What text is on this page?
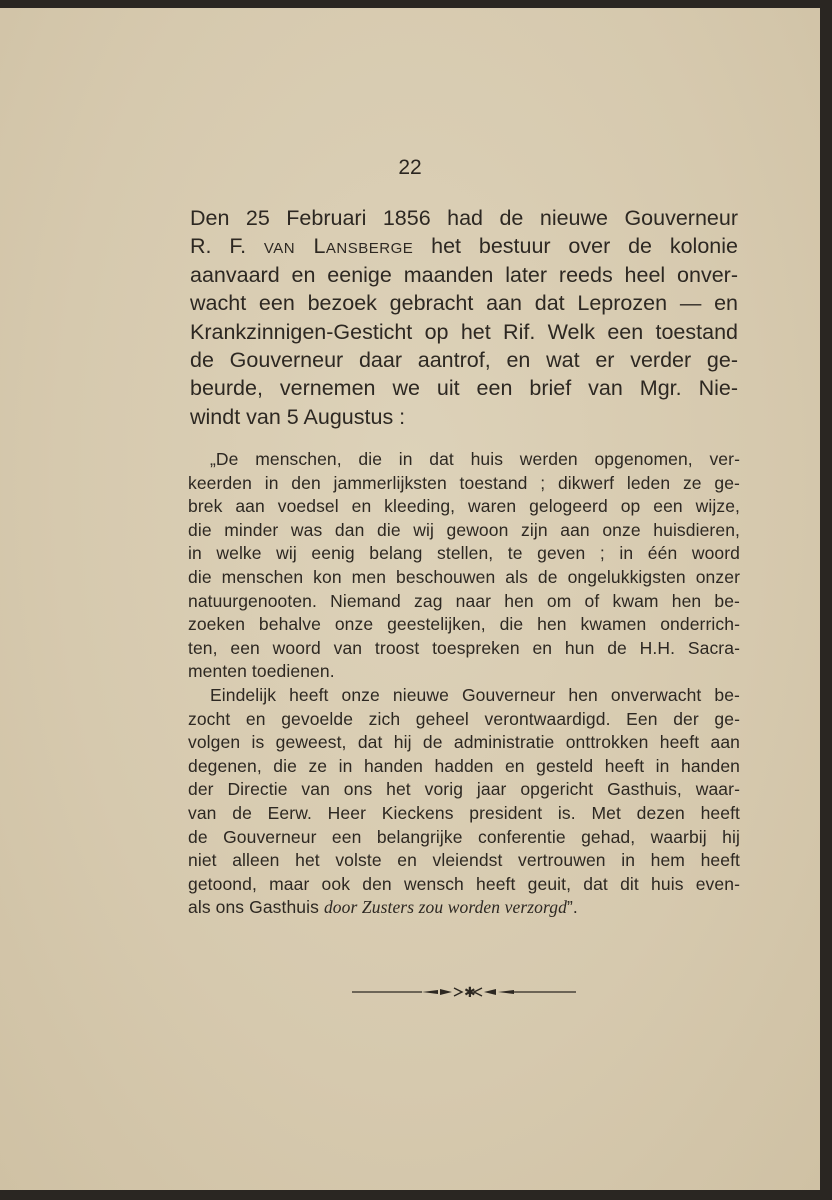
22
Den 25 Februari 1856 had de nieuwe Gouverneur
R. F. van Lansberge het bestuur over de kolonie
aanvaard en eenige maanden later reeds heel onver-
wacht een bezoek gebracht aan dat Leprozen — en
Krankzinnigen-Gesticht op het Rif. Welk een toestand
de Gouverneur daar aantrof, en wat er verder ge-
beurde, vernemen we uit een brief van Mgr. Nie-
windt van 5 Augustus :
„De menschen, die in dat huis werden opgenomen, ver-
keerden in den jammerlijksten toestand ; dikwerf leden ze ge-
brek aan voedsel en kleeding, waren gelogeerd op een wijze,
die minder was dan die wij gewoon zijn aan onze huisdieren,
in welke wij eenig belang stellen, te geven ; in één woord
die menschen kon men beschouwen als de ongelukkigsten onzer
natuurgenooten. Niemand zag naar hen om of kwam hen be-
zoeken behalve onze geestelijken, die hen kwamen onderrich-
ten, een woord van troost toespreken en hun de H.H. Sacra-
menten toedienen.
Eindelijk heeft onze nieuwe Gouverneur hen onverwacht be-
zocht en gevoelde zich geheel verontwaardigd. Een der ge-
volgen is geweest, dat hij de administratie onttrokken heeft aan
degenen, die ze in handen hadden en gesteld heeft in handen
der Directie van ons het vorig jaar opgericht Gasthuis, waar-
van de Eerw. Heer Kieckens president is. Met dezen heeft
de Gouverneur een belangrijke conferentie gehad, waarbij hij
niet alleen het volste en vleiendst vertrouwen in hem heeft
getoond, maar ook den wensch heeft geuit, dat dit huis even-
als ons Gasthuis door Zusters zou worden verzorgd”.
✱
